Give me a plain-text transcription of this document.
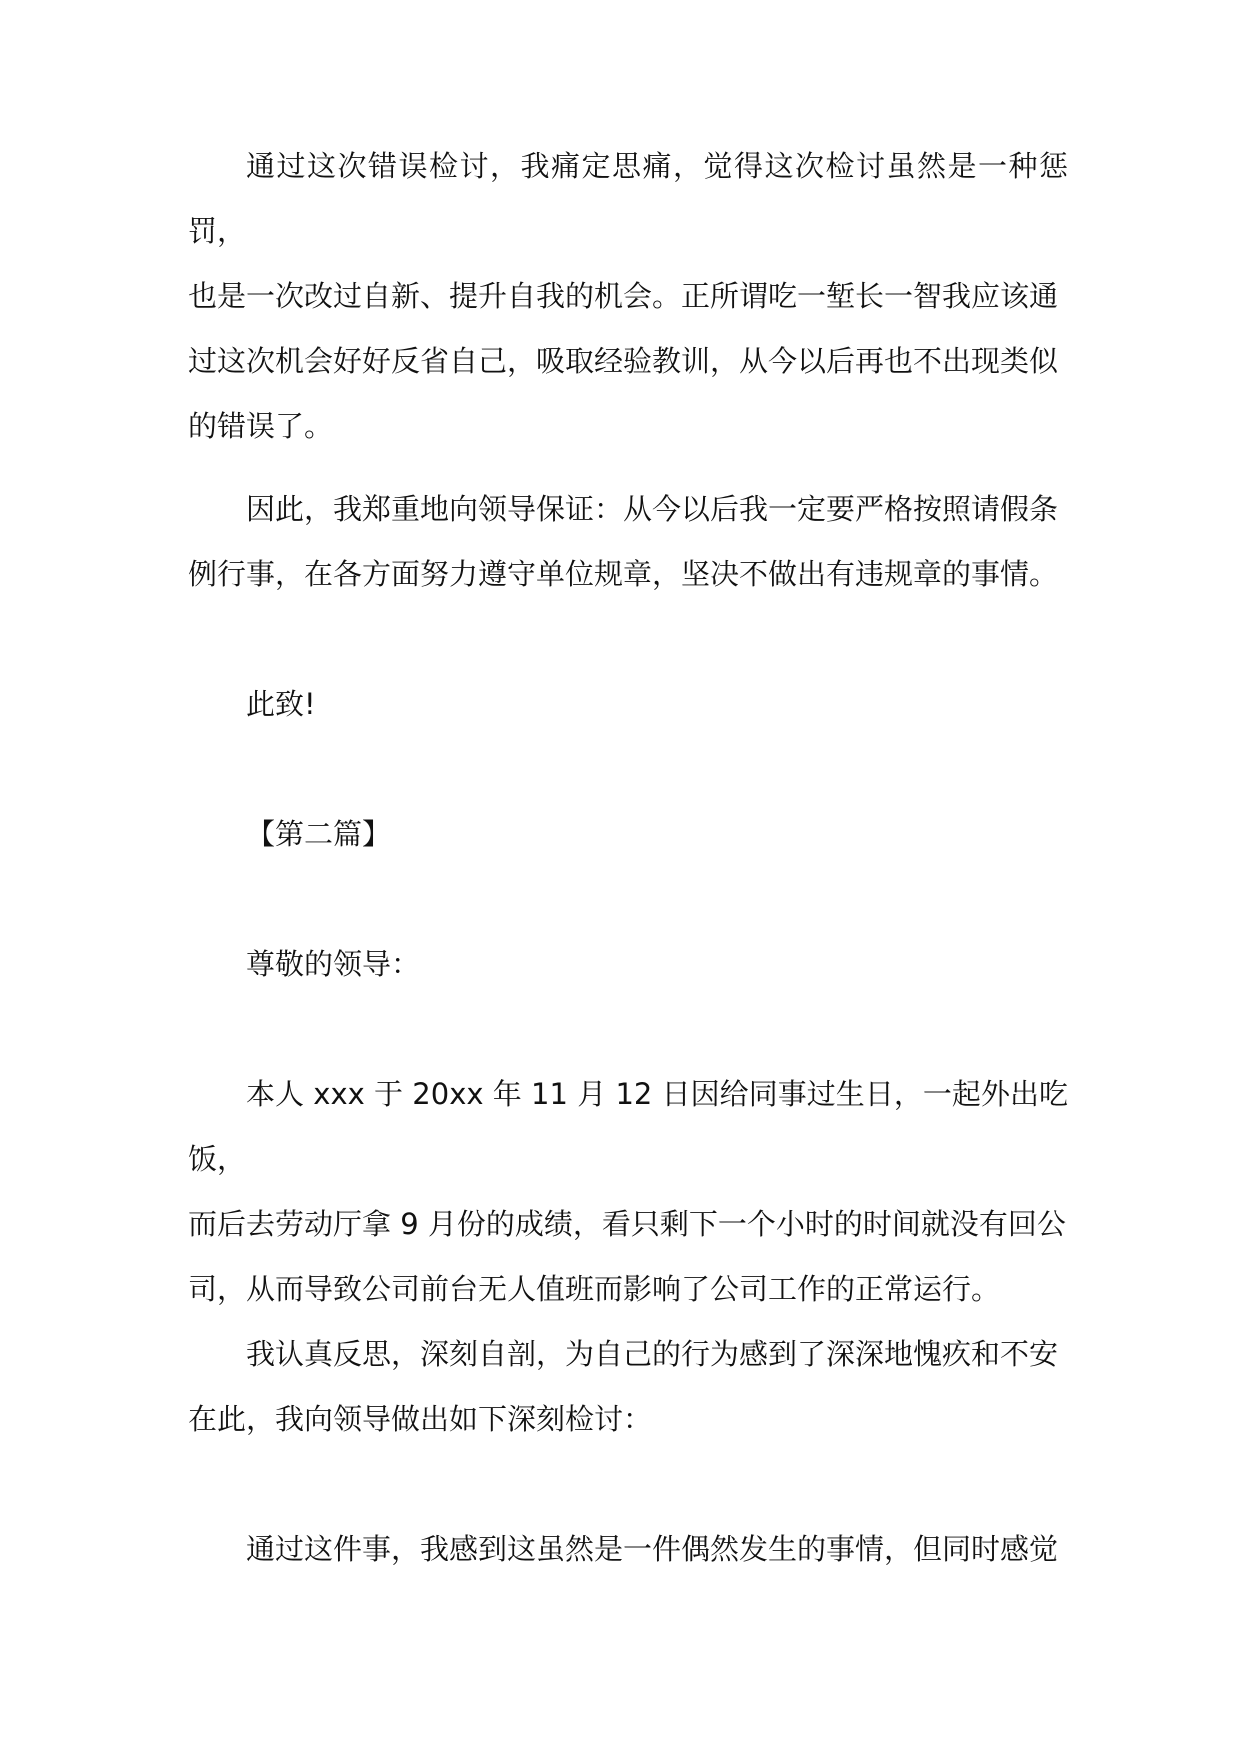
通过这次错误检讨，我痛定思痛，觉得这次检讨虽然是一种惩罚，
也是一次改过自新、提升自我的机会。正所谓吃一堑长一智我应该通
过这次机会好好反省自己，吸取经验教训，从今以后再也不出现类似
的错误了。
因此，我郑重地向领导保证：从今以后我一定要严格按照请假条
例行事，在各方面努力遵守单位规章，坚决不做出有违规章的事情。

此致!

【第二篇】

尊敬的领导：

本人 xxx 于 20xx 年 11 月 12 日因给同事过生日，一起外出吃饭，
而后去劳动厅拿 9 月份的成绩，看只剩下一个小时的时间就没有回公
司，从而导致公司前台无人值班而影响了公司工作的正常运行。
我认真反思，深刻自剖，为自己的行为感到了深深地愧疚和不安
在此，我向领导做出如下深刻检讨：
通过这件事，我感到这虽然是一件偶然发生的事情，但同时感觉
